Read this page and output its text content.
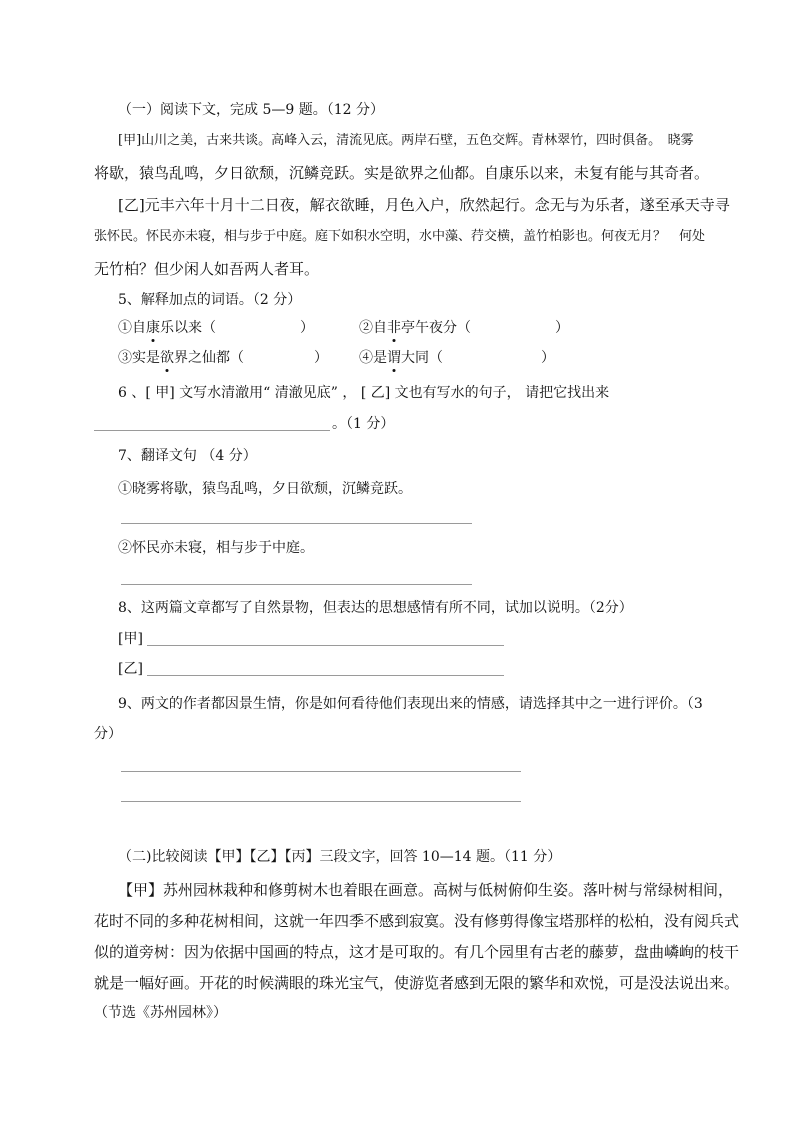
（一）阅读下文，完成 5—9 题。（12 分）
[甲]山川之美，古来共谈。高峰入云，清流见底。两岸石壁，五色交辉。青林翠竹，四时俱备。　晓雾
将歇，猿鸟乱鸣，夕日欲颓，沉鳞竞跃。实是欲界之仙都。自康乐以来，未复有能与其奇者。
[乙]元丰六年十月十二日夜，解衣欲睡，月色入户，欣然起行。念无与为乐者，遂至承天寺寻
张怀民。怀民亦未寝，相与步于中庭。庭下如积水空明，水中藻、荇交横，盖竹柏影也。何夜无月？　何处
无竹柏？但少闲人如吾两人者耳。
5、解释加点的词语。（2 分）
①自康乐以来（　　　　　　）	②自非亭午夜分（　　　　　　）
③实是欲界之仙都（　　　　　） ④是谓大同（　　　　　　　）
6 、[ 甲] 文写水清澈用“ 清澈见底” ， [ 乙] 文也有写水的句子， 请把它找出来
。（1 分）
7、翻译文句 （4 分）
①晓雾将歇，猿鸟乱鸣，夕日欲颓，沉鳞竞跃。
②怀民亦未寝，相与步于中庭。
8、这两篇文章都写了自然景物，但表达的思想感情有所不同，试加以说明。（2分）
[甲]
[乙]
9、两文的作者都因景生情，你是如何看待他们表现出来的情感，请选择其中之一进行评价。（3
分）
（二)比较阅读【甲】【乙】【丙】三段文字，回答 10—14 题。（11 分）
【甲】苏州园林栽种和修剪树木也着眼在画意。高树与低树俯仰生姿。落叶树与常绿树相间，
花时不同的多种花树相间，这就一年四季不感到寂寞。没有修剪得像宝塔那样的松柏，没有阅兵式
似的道旁树：因为依据中国画的特点，这才是可取的。有几个园里有古老的藤萝，盘曲嶙峋的枝干
就是一幅好画。开花的时候满眼的珠光宝气，使游览者感到无限的繁华和欢悦，可是没法说出来。
（节选《苏州园林》）
